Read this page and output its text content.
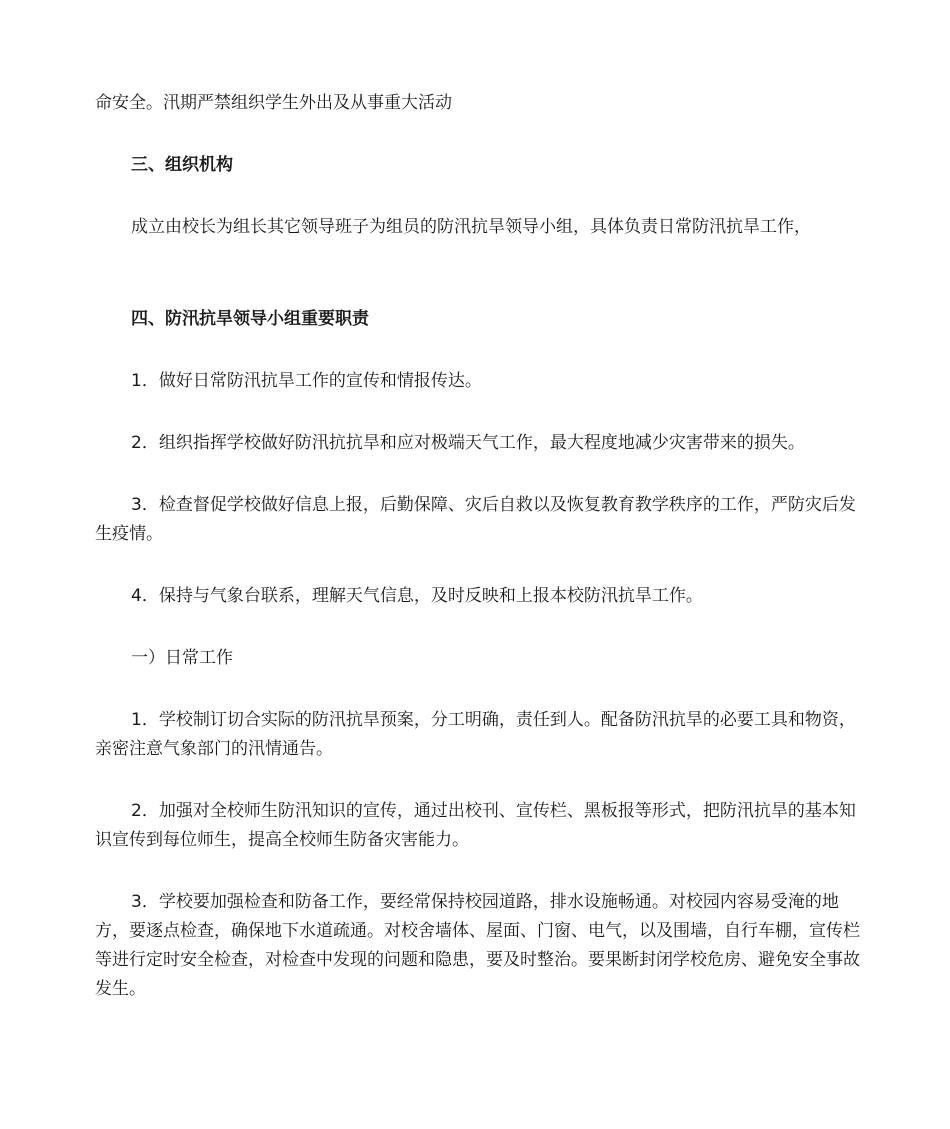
命安全。汛期严禁组织学生外出及从事重大活动

三、组织机构

成立由校长为组长其它领导班子为组员的防汛抗旱领导小组，具体负责日常防汛抗旱工作，

四、防汛抗旱领导小组重要职责

1．做好日常防汛抗旱工作的宣传和情报传达。

2．组织指挥学校做好防汛抗抗旱和应对极端天气工作，最大程度地减少灾害带来的损失。

3．检查督促学校做好信息上报，后勤保障、灾后自救以及恢复教育教学秩序的工作，严防灾后发生疫情。

4．保持与气象台联系，理解天气信息，及时反映和上报本校防汛抗旱工作。

一）日常工作

1．学校制订切合实际的防汛抗旱预案，分工明确，责任到人。配备防汛抗旱的必要工具和物资，亲密注意气象部门的汛情通告。

2．加强对全校师生防汛知识的宣传，通过出校刊、宣传栏、黑板报等形式，把防汛抗旱的基本知识宣传到每位师生，提高全校师生防备灾害能力。

3．学校要加强检查和防备工作，要经常保持校园道路，排水设施畅通。对校园内容易受淹的地方，要逐点检查，确保地下水道疏通。对校舍墙体、屋面、门窗、电气，以及围墙，自行车棚，宣传栏等进行定时安全检查，对检查中发现的问题和隐患，要及时整治。要果断封闭学校危房、避免安全事故发生。
